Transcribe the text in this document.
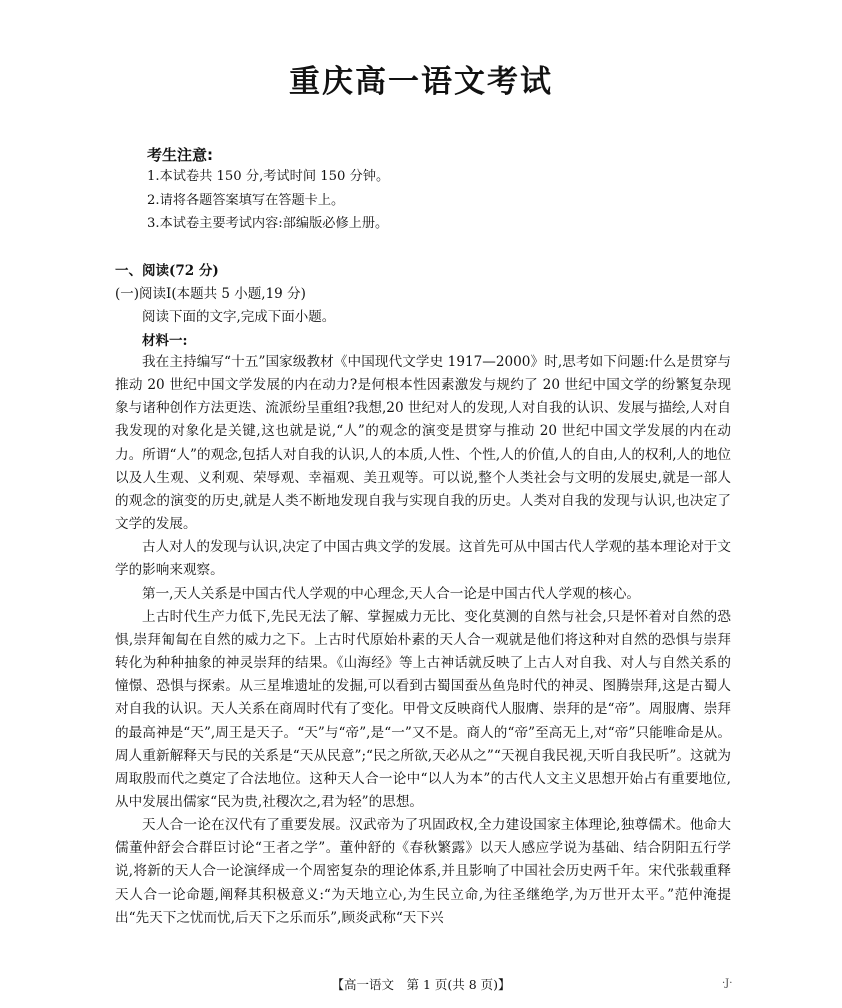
重庆高一语文考试
考生注意:
1.本试卷共 150 分,考试时间 150 分钟。
2.请将各题答案填写在答题卡上。
3.本试卷主要考试内容:部编版必修上册。
一、阅读(72 分)
(一)阅读Ⅰ(本题共 5 小题,19 分)
阅读下面的文字,完成下面小题。
材料一:

我在主持编写“十五”国家级教材《中国现代文学史 1917—2000》时,思考如下问题:什么是贯穿与推动 20 世纪中国文学发展的内在动力?是何根本性因素激发与规约了 20 世纪中国文学的纷繁复杂现象与诸种创作方法更迭、流派纷呈重组?我想,20 世纪对人的发现,人对自我的认识、发展与描绘,人对自我发现的对象化是关键,这也就是说,“人”的观念的演变是贯穿与推动 20 世纪中国文学发展的内在动力。所谓“人”的观念,包括人对自我的认识,人的本质,人性、个性,人的价值,人的自由,人的权利,人的地位以及人生观、义利观、荣辱观、幸福观、美丑观等。可以说,整个人类社会与文明的发展史,就是一部人的观念的演变的历史,就是人类不断地发现自我与实现自我的历史。人类对自我的发现与认识,也决定了文学的发展。

古人对人的发现与认识,决定了中国古典文学的发展。这首先可从中国古代人学观的基本理论对于文学的影响来观察。

第一,天人关系是中国古代人学观的中心理念,天人合一论是中国古代人学观的核心。

上古时代生产力低下,先民无法了解、掌握威力无比、变化莫测的自然与社会,只是怀着对自然的恐惧,崇拜匍匐在自然的威力之下。上古时代原始朴素的天人合一观就是他们将这种对自然的恐惧与崇拜转化为种种抽象的神灵崇拜的结果。《山海经》等上古神话就反映了上古人对自我、对人与自然关系的憧憬、恐惧与探索。从三星堆遗址的发掘,可以看到古蜀国蚕丛鱼凫时代的神灵、图腾崇拜,这是古蜀人对自我的认识。天人关系在商周时代有了变化。甲骨文反映商代人服膺、崇拜的是“帝”。周服膺、崇拜的最高神是“天”,周王是天子。“天”与“帝”,是“一”又不是。商人的“帝”至高无上,对“帝”只能唯命是从。周人重新解释天与民的关系是“天从民意”;“民之所欲,天必从之”“天视自我民视,天听自我民听”。这就为周取殷而代之奠定了合法地位。这种天人合一论中“以人为本”的古代人文主义思想开始占有重要地位,从中发展出儒家“民为贵,社稷次之,君为轻”的思想。

天人合一论在汉代有了重要发展。汉武帝为了巩固政权,全力建设国家主体理论,独尊儒术。他命大儒董仲舒会合群臣讨论“王者之学”。董仲舒的《春秋繁露》以天人感应学说为基础、结合阴阳五行学说,将新的天人合一论演绎成一个周密复杂的理论体系,并且影响了中国社会历史两千年。宋代张载重释天人合一论命题,阐释其积极意义:“为天地立心,为生民立命,为往圣继绝学,为万世开太平。”范仲淹提出“先天下之忧而忧,后天下之乐而乐”,顾炎武称“天下兴

【高一语文　第 1 页(共 8 页)】	·J·
